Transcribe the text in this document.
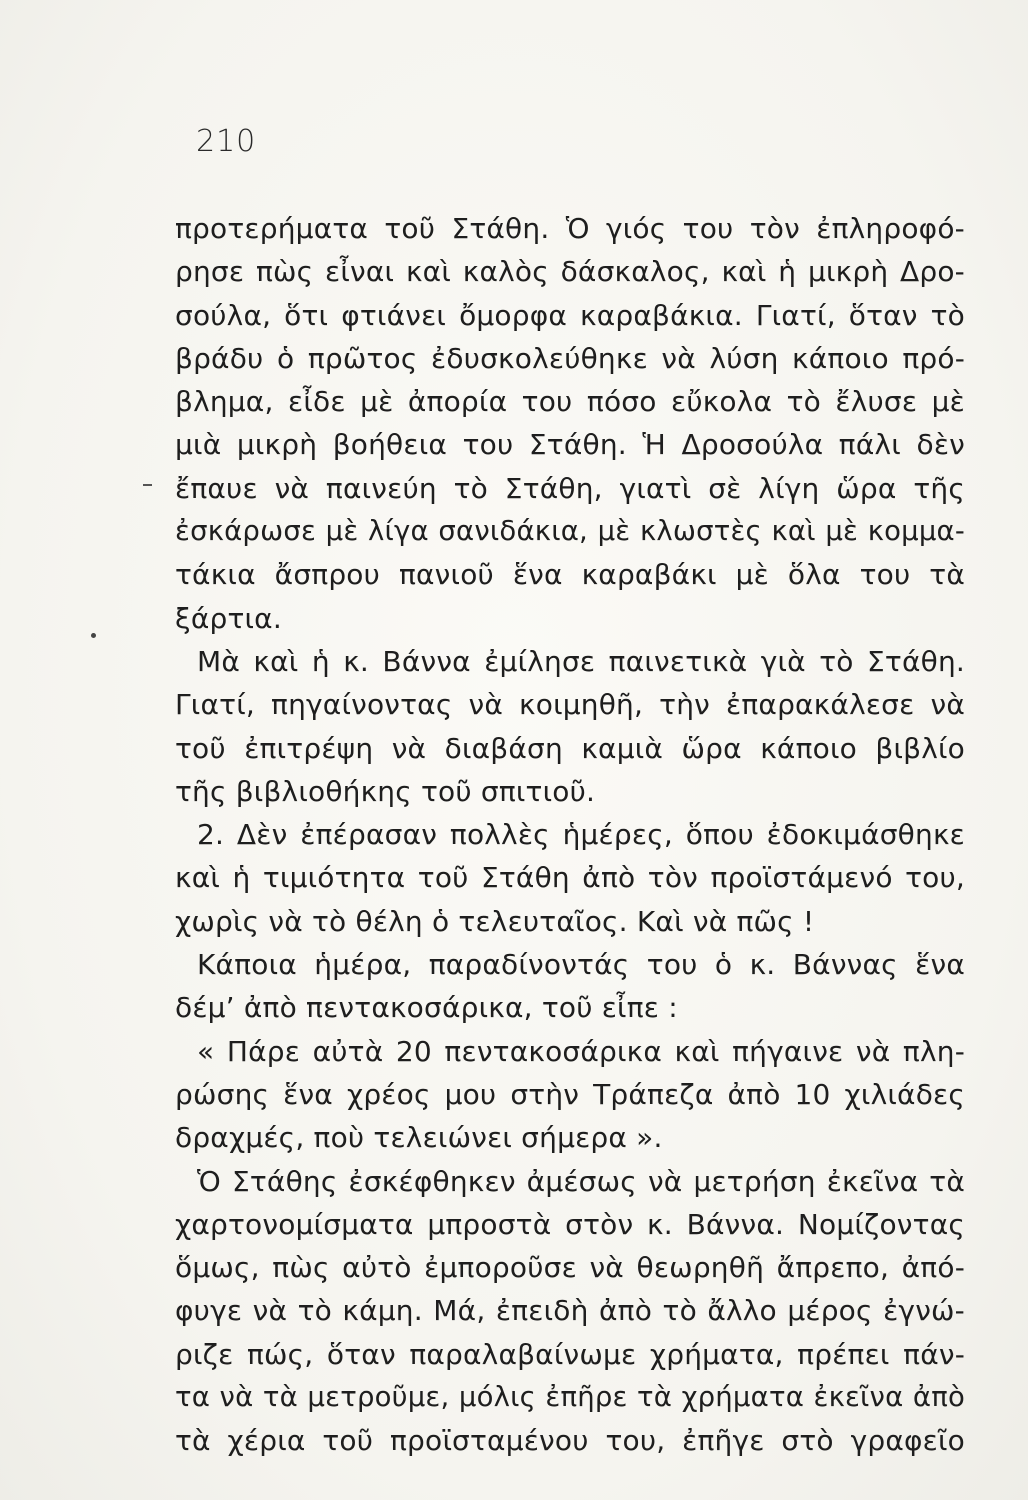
210
προτερήματα τοῦ Στάθη. Ὁ γιός του τὸν ἐπληροφό-
ρησε πὼς εἶναι καὶ καλὸς δάσκαλος, καὶ ἡ μικρὴ Δρο-
σούλα, ὅτι φτιάνει ὄμορφα καραβάκια. Γιατί, ὅταν τὸ
βράδυ ὁ πρῶτος ἐδυσκολεύθηκε νὰ λύση κάποιο πρό-
βλημα, εἶδε μὲ ἀπορία του πόσο εὔκολα τὸ ἔλυσε μὲ
μιὰ μικρὴ βοήθεια του Στάθη. Ἡ Δροσούλα πάλι δὲν
ἔπαυε νὰ παινεύη τὸ Στάθη, γιατὶ σὲ λίγη ὥρα τῆς
ἐσκάρωσε μὲ λίγα σανιδάκια, μὲ κλωστὲς καὶ μὲ κομμα-
τάκια ἄσπρου πανιοῦ ἕνα καραβάκι μὲ ὅλα του τὰ
ξάρτια.
Μὰ καὶ ἡ κ. Βάννα ἐμίλησε παινετικὰ γιὰ τὸ Στάθη.
Γιατί, πηγαίνοντας νὰ κοιμηθῆ, τὴν ἐπαρακάλεσε νὰ
τοῦ ἐπιτρέψη νὰ διαβάση καμιὰ ὥρα κάποιο βιβλίο
τῆς βιβλιοθήκης τοῦ σπιτιοῦ.
2. Δὲν ἐπέρασαν πολλὲς ἡμέρες, ὅπου ἐδοκιμάσθηκε
καὶ ἡ τιμιότητα τοῦ Στάθη ἀπὸ τὸν προϊστάμενό του,
χωρὶς νὰ τὸ θέλη ὁ τελευταῖος. Καὶ νὰ πῶς !
Κάποια ἡμέρα, παραδίνοντάς του ὁ κ. Βάννας ἕνα
δέμ’ ἀπὸ πεντακοσάρικα, τοῦ εἶπε :
« Πάρε αὐτὰ 20 πεντακοσάρικα καὶ πήγαινε νὰ πλη-
ρώσης ἕνα χρέος μου στὴν Τράπεζα ἀπὸ 10 χιλιάδες
δραχμές, ποὺ τελειώνει σήμερα ».
Ὁ Στάθης ἐσκέφθηκεν ἀμέσως νὰ μετρήση ἐκεῖνα τὰ
χαρτονομίσματα μπροστὰ στὸν κ. Βάννα. Νομίζοντας
ὅμως, πὼς αὐτὸ ἐμποροῦσε νὰ θεωρηθῆ ἄπρεπο, ἀπό-
φυγε νὰ τὸ κάμη. Μά, ἐπειδὴ ἀπὸ τὸ ἄλλο μέρος ἐγνώ-
ριζε πώς, ὅταν παραλαβαίνωμε χρήματα, πρέπει πάν-
τα νὰ τὰ μετροῦμε, μόλις ἐπῆρε τὰ χρήματα ἐκεῖνα ἀπὸ
τὰ χέρια τοῦ προϊσταμένου του, ἐπῆγε στὸ γραφεῖο
